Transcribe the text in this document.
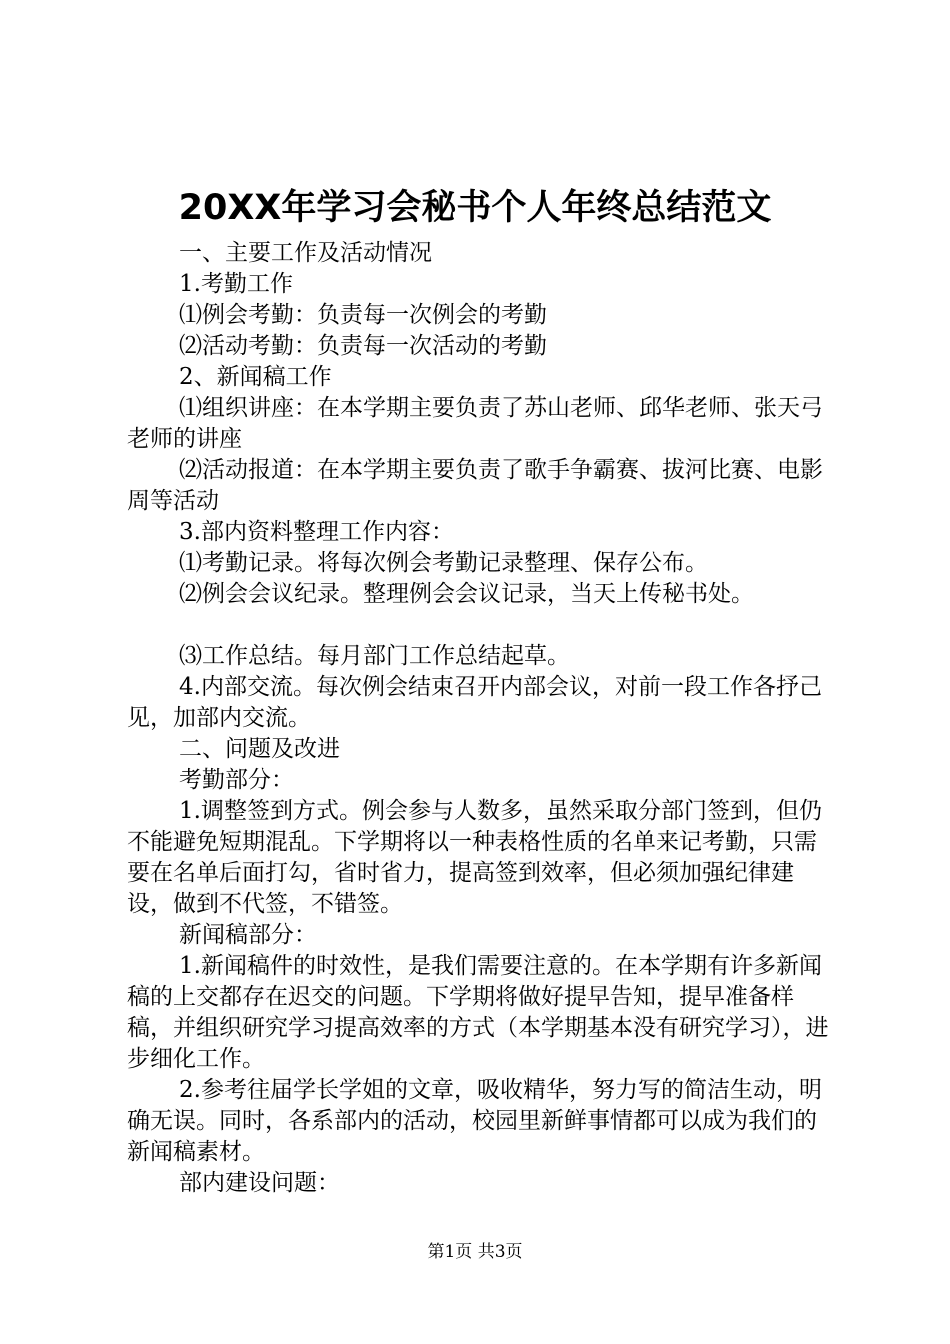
20XX年学习会秘书个人年终总结范文

一、主要工作及活动情况

1.考勤工作

⑴例会考勤：负责每一次例会的考勤

⑵活动考勤：负责每一次活动的考勤

2、新闻稿工作

⑴组织讲座：在本学期主要负责了苏山老师、邱华老师、张天弓老师的讲座

⑵活动报道：在本学期主要负责了歌手争霸赛、拔河比赛、电影周等活动

3.部内资料整理工作内容：

⑴考勤记录。将每次例会考勤记录整理、保存公布。

⑵例会会议纪录。整理例会会议记录，当天上传秘书处。

⑶工作总结。每月部门工作总结起草。

4.内部交流。每次例会结束召开内部会议，对前一段工作各抒己见，加部内交流。

二、问题及改进

考勤部分：

1.调整签到方式。例会参与人数多，虽然采取分部门签到，但仍不能避免短期混乱。下学期将以一种表格性质的名单来记考勤，只需要在名单后面打勾，省时省力，提高签到效率，但必须加强纪律建设，做到不代签，不错签。

新闻稿部分：

1.新闻稿件的时效性，是我们需要注意的。在本学期有许多新闻稿的上交都存在迟交的问题。下学期将做好提早告知，提早准备样稿，并组织研究学习提高效率的方式（本学期基本没有研究学习），进步细化工作。

2.参考往届学长学姐的文章，吸收精华，努力写的简洁生动，明确无误。同时，各系部内的活动，校园里新鲜事情都可以成为我们的新闻稿素材。

部内建设问题：

第1页 共3页
